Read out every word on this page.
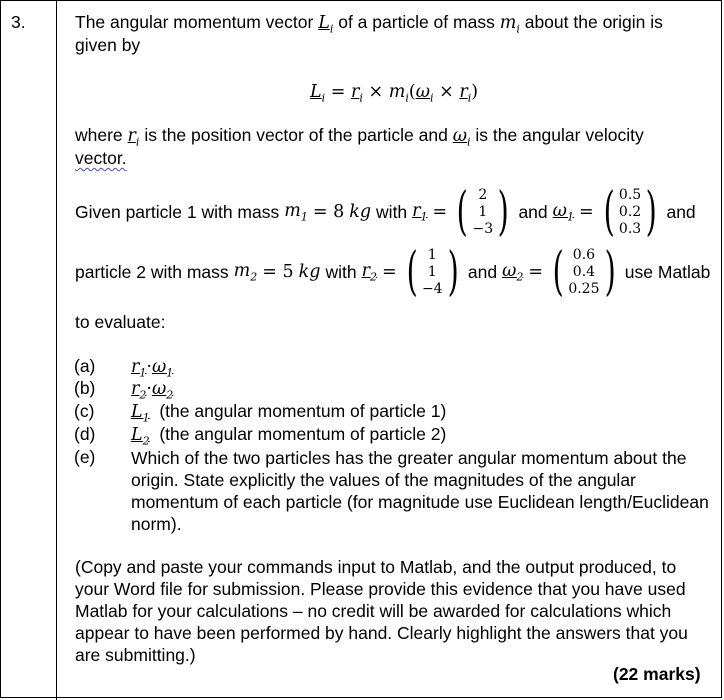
3.	The angular momentum vector $L_i$ of a particle of mass $m_i$ about the origin is
given by
$L_i = r_i \times m_i(\omega_i \times r_i)$
where $r_i$ is the position vector of the particle and $\omega_i$ is the angular velocity
vector.
Given particle 1 with mass $m_1 = 8$ kg with $r_1$ = ( 2
1
−3 ) and $\omega_1$ = ( 0.5
0.2
0.3 ) and
particle 2 with mass $m_2 = 5$ kg with $r_2$ = ( 1
1
−4 ) and $\omega_2$ = ( 0.6
0.4
0.25 ) use Matlab
to evaluate:
(a) $r_1\cdot\omega_1$
(b) $r_2\cdot\omega_2$
(c) $L_1$ (the angular momentum of particle 1)
(d) $L_2$ (the angular momentum of particle 2)
(e) Which of the two particles has the greater angular momentum about the origin. State explicitly the values of the magnitudes of the angular momentum of each particle (for magnitude use Euclidean length/Euclidean norm).
(Copy and paste your commands input to Matlab, and the output produced, to your Word file for submission. Please provide this evidence that you have used Matlab for your calculations – no credit will be awarded for calculations which appear to have been performed by hand. Clearly highlight the answers that you are submitting.)
(22 marks)
